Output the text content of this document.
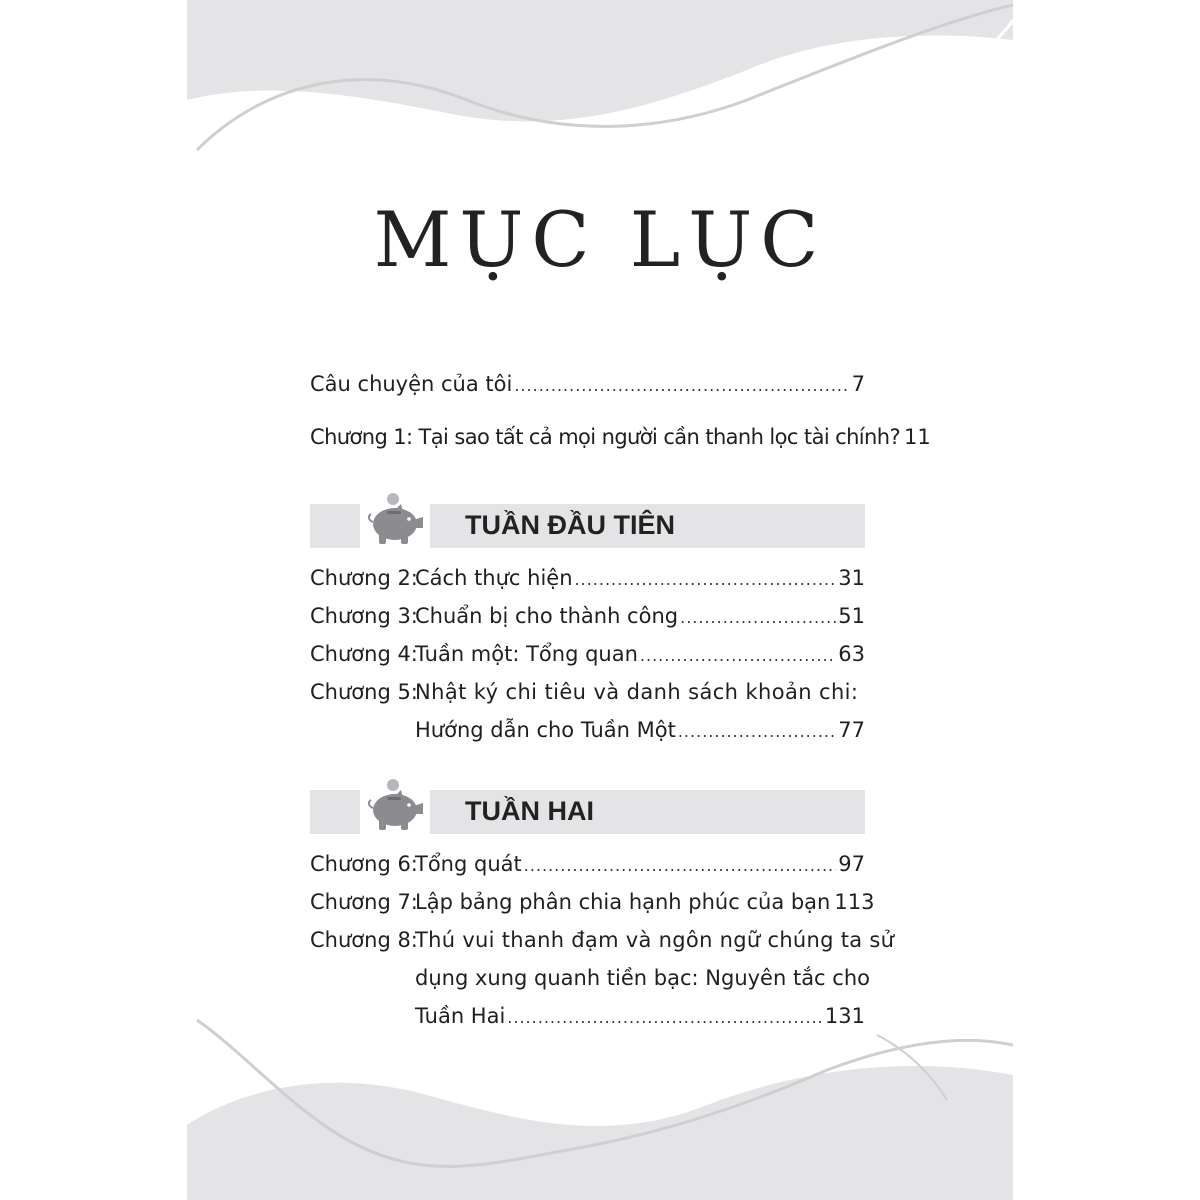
MỤC LỤC
Câu chuyện của tôi .....	7
Chương 1: Tại sao tất cả mọi người cần thanh lọc tài chính? 11
TUẦN ĐẦU TIÊN
Chương 2:
Cách thực hiện .....	31
Chương 3:
Chuẩn bị cho thành công .....	51
Chương 4:
Tuần một: Tổng quan .....	63
Chương 5:
Nhật ký chi tiêu và danh sách khoản chi:
Hướng dẫn cho Tuần Một .....	77
TUẦN HAI
Chương 6:
Tổng quát .....	97
Chương 7:
Lập bảng phân chia hạnh phúc của bạn 113
Chương 8:
Thú vui thanh đạm và ngôn ngữ chúng ta sử
dụng xung quanh tiền bạc: Nguyên tắc cho
Tuần Hai .....	131
